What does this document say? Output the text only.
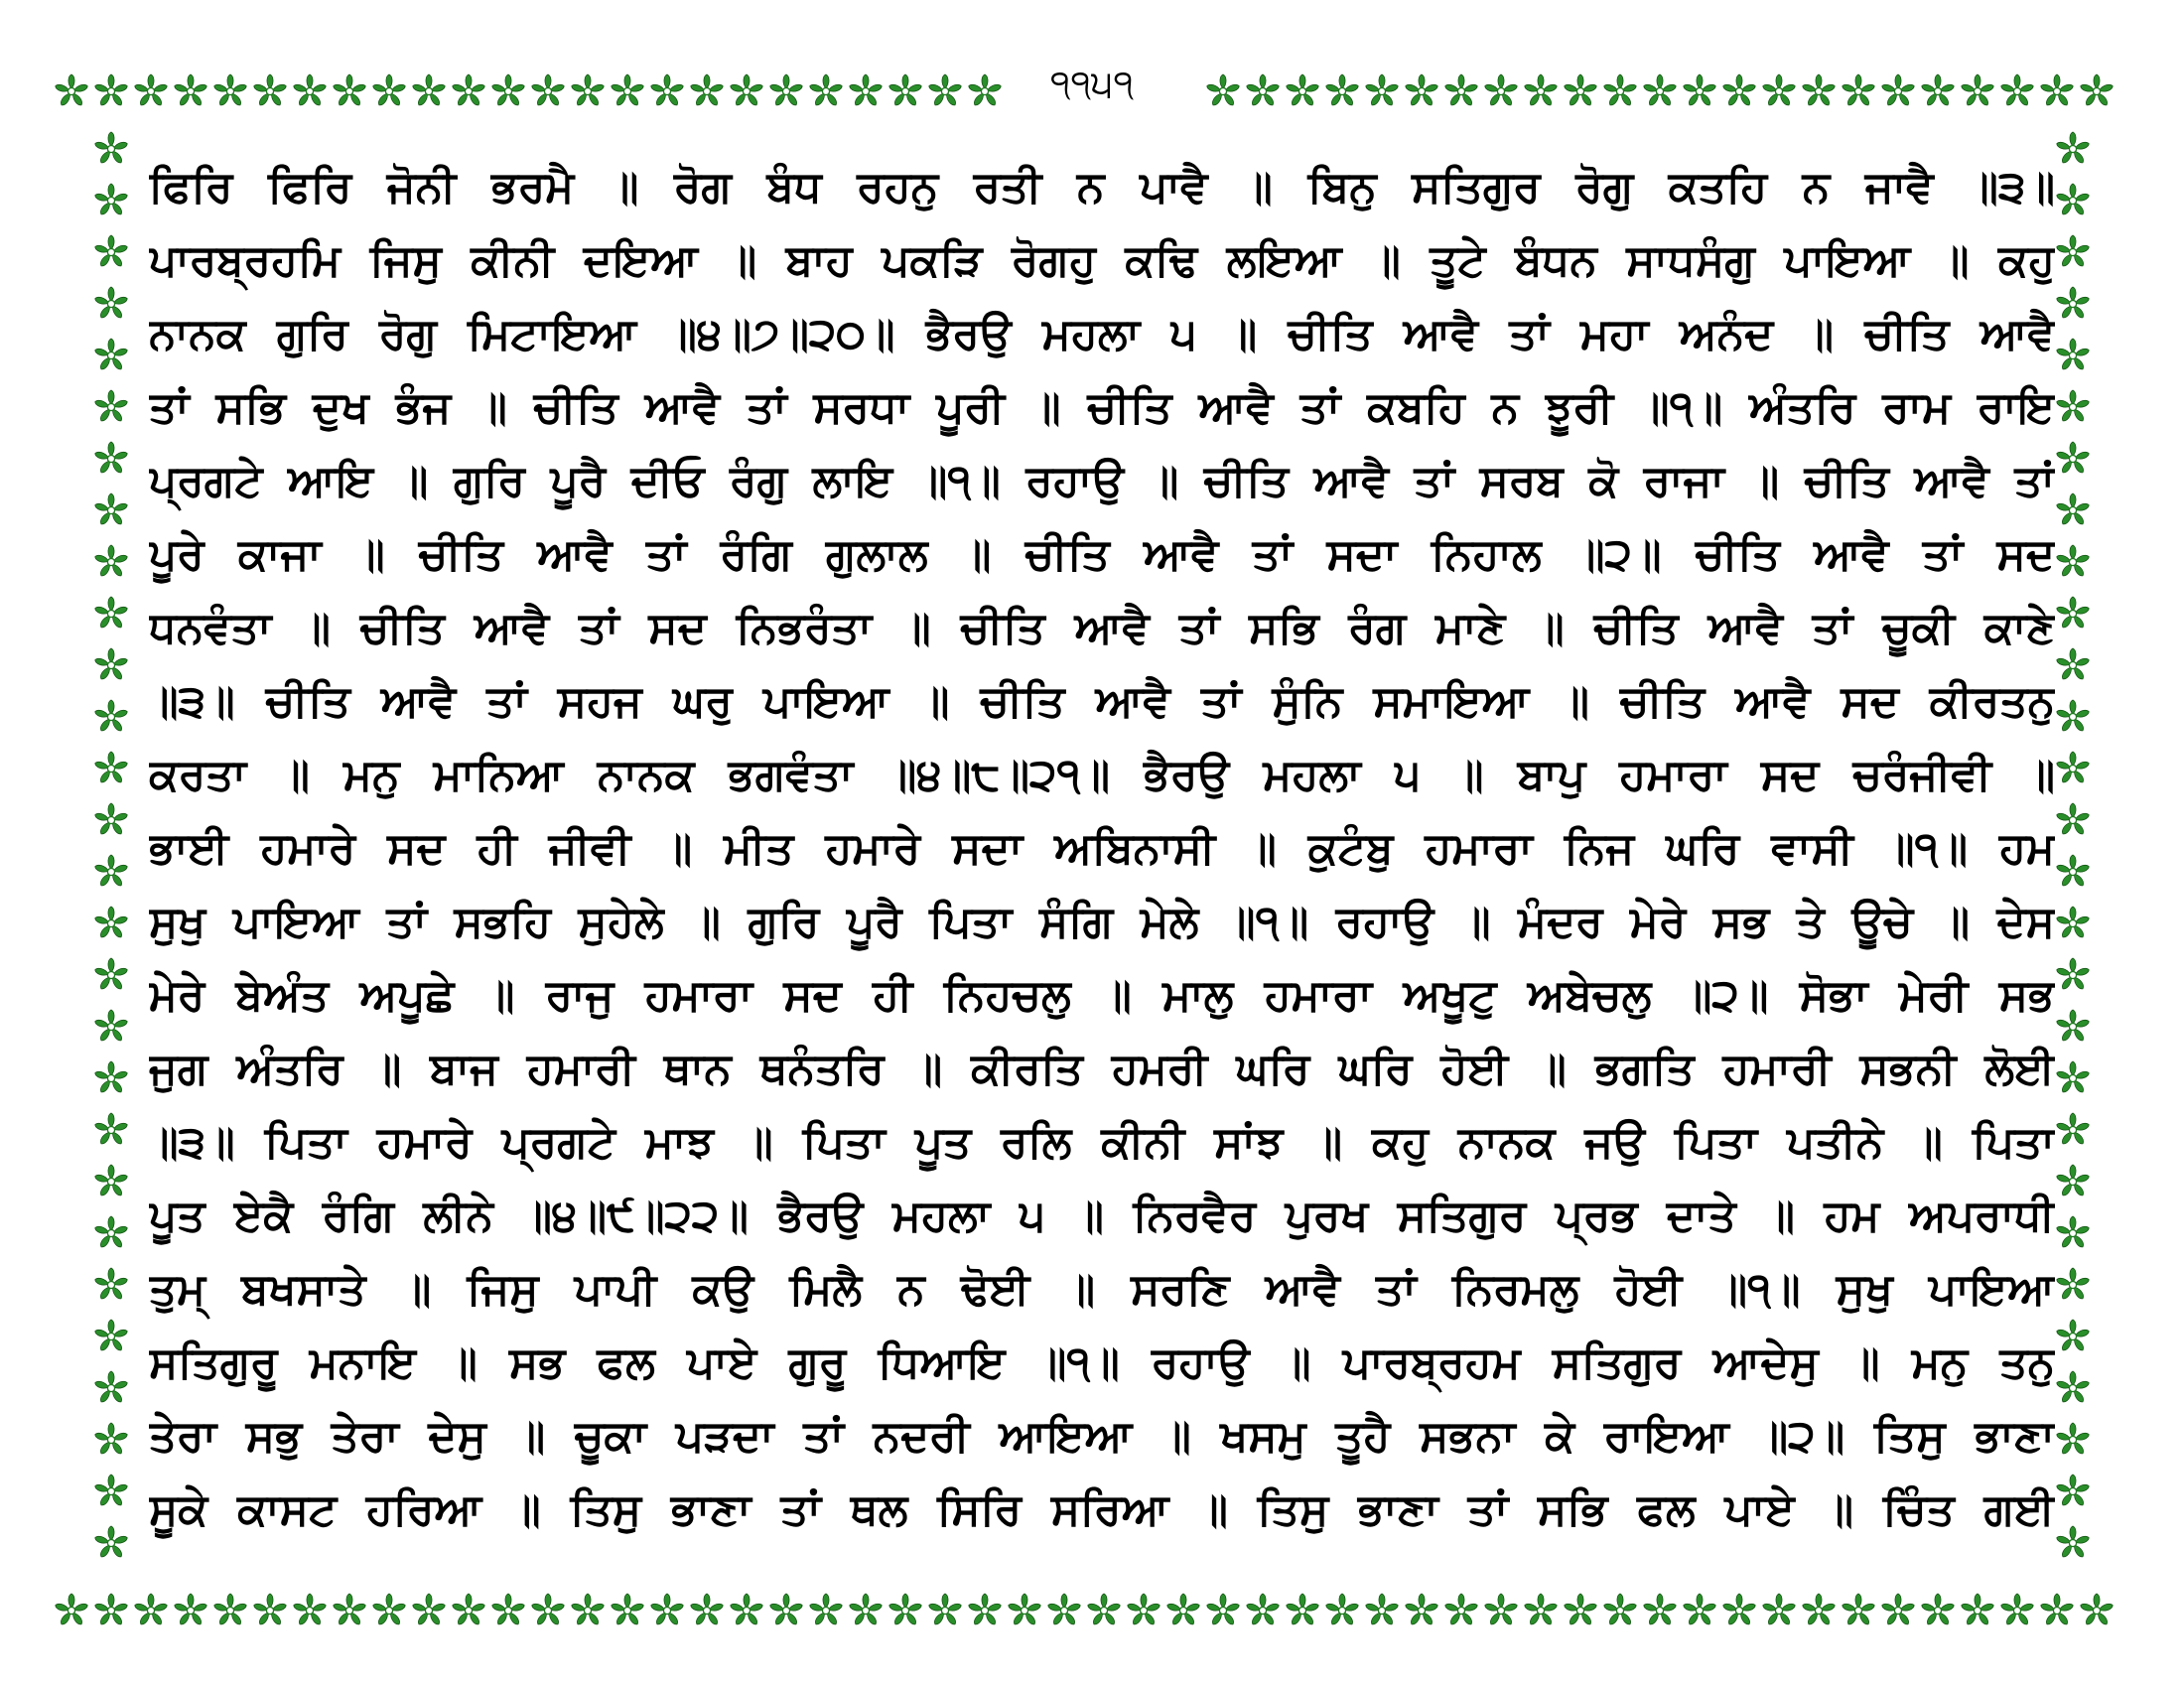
੧੧੫੧
ਫਿਰਿ ਫਿਰਿ ਜੋਨੀ ਭਰਮੈ ॥ ਰੋਗ ਬੰਧ ਰਹਨੁ ਰਤੀ ਨ ਪਾਵੈ ॥ ਬਿਨੁ ਸਤਿਗੁਰ ਰੋਗੁ ਕਤਹਿ ਨ ਜਾਵੈ ॥੩॥
ਪਾਰਬ੍ਰਹਮਿ ਜਿਸੁ ਕੀਨੀ ਦਇਆ ॥ ਬਾਹ ਪਕੜਿ ਰੋਗਹੁ ਕਢਿ ਲਇਆ ॥ ਤੂਟੇ ਬੰਧਨ ਸਾਧਸੰਗੁ ਪਾਇਆ ॥ ਕਹੁ
ਨਾਨਕ ਗੁਰਿ ਰੋਗੁ ਮਿਟਾਇਆ ॥੪॥੭॥੨੦॥ ਭੈਰਉ ਮਹਲਾ ੫ ॥ ਚੀਤਿ ਆਵੈ ਤਾਂ ਮਹਾ ਅਨੰਦ ॥ ਚੀਤਿ ਆਵੈ
ਤਾਂ ਸਭਿ ਦੁਖ ਭੰਜ ॥ ਚੀਤਿ ਆਵੈ ਤਾਂ ਸਰਧਾ ਪੂਰੀ ॥ ਚੀਤਿ ਆਵੈ ਤਾਂ ਕਬਹਿ ਨ ਝੂਰੀ ॥੧॥ ਅੰਤਰਿ ਰਾਮ ਰਾਇ
ਪ੍ਰਗਟੇ ਆਇ ॥ ਗੁਰਿ ਪੂਰੈ ਦੀਓ ਰੰਗੁ ਲਾਇ ॥੧॥ ਰਹਾਉ ॥ ਚੀਤਿ ਆਵੈ ਤਾਂ ਸਰਬ ਕੋ ਰਾਜਾ ॥ ਚੀਤਿ ਆਵੈ ਤਾਂ
ਪੂਰੇ ਕਾਜਾ ॥ ਚੀਤਿ ਆਵੈ ਤਾਂ ਰੰਗਿ ਗੁਲਾਲ ॥ ਚੀਤਿ ਆਵੈ ਤਾਂ ਸਦਾ ਨਿਹਾਲ ॥੨॥ ਚੀਤਿ ਆਵੈ ਤਾਂ ਸਦ
ਧਨਵੰਤਾ ॥ ਚੀਤਿ ਆਵੈ ਤਾਂ ਸਦ ਨਿਭਰੰਤਾ ॥ ਚੀਤਿ ਆਵੈ ਤਾਂ ਸਭਿ ਰੰਗ ਮਾਣੇ ॥ ਚੀਤਿ ਆਵੈ ਤਾਂ ਚੂਕੀ ਕਾਣੇ
॥੩॥ ਚੀਤਿ ਆਵੈ ਤਾਂ ਸਹਜ ਘਰੁ ਪਾਇਆ ॥ ਚੀਤਿ ਆਵੈ ਤਾਂ ਸੁੰਨਿ ਸਮਾਇਆ ॥ ਚੀਤਿ ਆਵੈ ਸਦ ਕੀਰਤਨੁ
ਕਰਤਾ ॥ ਮਨੁ ਮਾਨਿਆ ਨਾਨਕ ਭਗਵੰਤਾ ॥੪॥੮॥੨੧॥ ਭੈਰਉ ਮਹਲਾ ੫ ॥ ਬਾਪੁ ਹਮਾਰਾ ਸਦ ਚਰੰਜੀਵੀ ॥
ਭਾਈ ਹਮਾਰੇ ਸਦ ਹੀ ਜੀਵੀ ॥ ਮੀਤ ਹਮਾਰੇ ਸਦਾ ਅਬਿਨਾਸੀ ॥ ਕੁਟੰਬੁ ਹਮਾਰਾ ਨਿਜ ਘਰਿ ਵਾਸੀ ॥੧॥ ਹਮ
ਸੁਖੁ ਪਾਇਆ ਤਾਂ ਸਭਹਿ ਸੁਹੇਲੇ ॥ ਗੁਰਿ ਪੂਰੈ ਪਿਤਾ ਸੰਗਿ ਮੇਲੇ ॥੧॥ ਰਹਾਉ ॥ ਮੰਦਰ ਮੇਰੇ ਸਭ ਤੇ ਊਚੇ ॥ ਦੇਸ
ਮੇਰੇ ਬੇਅੰਤ ਅਪੂਛੇ ॥ ਰਾਜੁ ਹਮਾਰਾ ਸਦ ਹੀ ਨਿਹਚਲੁ ॥ ਮਾਲੁ ਹਮਾਰਾ ਅਖੂਟੁ ਅਬੇਚਲੁ ॥੨॥ ਸੋਭਾ ਮੇਰੀ ਸਭ
ਜੁਗ ਅੰਤਰਿ ॥ ਬਾਜ ਹਮਾਰੀ ਥਾਨ ਥਨੰਤਰਿ ॥ ਕੀਰਤਿ ਹਮਰੀ ਘਰਿ ਘਰਿ ਹੋਈ ॥ ਭਗਤਿ ਹਮਾਰੀ ਸਭਨੀ ਲੋਈ
॥੩॥ ਪਿਤਾ ਹਮਾਰੇ ਪ੍ਰਗਟੇ ਮਾਝ ॥ ਪਿਤਾ ਪੂਤ ਰਲਿ ਕੀਨੀ ਸਾਂਝ ॥ ਕਹੁ ਨਾਨਕ ਜਉ ਪਿਤਾ ਪਤੀਨੇ ॥ ਪਿਤਾ
ਪੂਤ ਏਕੈ ਰੰਗਿ ਲੀਨੇ ॥੪॥੯॥੨੨॥ ਭੈਰਉ ਮਹਲਾ ੫ ॥ ਨਿਰਵੈਰ ਪੁਰਖ ਸਤਿਗੁਰ ਪ੍ਰਭ ਦਾਤੇ ॥ ਹਮ ਅਪਰਾਧੀ
ਤੁਮ੍ ਬਖਸਾਤੇ ॥ ਜਿਸੁ ਪਾਪੀ ਕਉ ਮਿਲੈ ਨ ਢੋਈ ॥ ਸਰਣਿ ਆਵੈ ਤਾਂ ਨਿਰਮਲੁ ਹੋਈ ॥੧॥ ਸੁਖੁ ਪਾਇਆ
ਸਤਿਗੁਰੂ ਮਨਾਇ ॥ ਸਭ ਫਲ ਪਾਏ ਗੁਰੂ ਧਿਆਇ ॥੧॥ ਰਹਾਉ ॥ ਪਾਰਬ੍ਰਹਮ ਸਤਿਗੁਰ ਆਦੇਸੁ ॥ ਮਨੁ ਤਨੁ
ਤੇਰਾ ਸਭੁ ਤੇਰਾ ਦੇਸੁ ॥ ਚੂਕਾ ਪੜਦਾ ਤਾਂ ਨਦਰੀ ਆਇਆ ॥ ਖਸਮੁ ਤੂਹੈ ਸਭਨਾ ਕੇ ਰਾਇਆ ॥੨॥ ਤਿਸੁ ਭਾਣਾ
ਸੂਕੇ ਕਾਸਟ ਹਰਿਆ ॥ ਤਿਸੁ ਭਾਣਾ ਤਾਂ ਥਲ ਸਿਰਿ ਸਰਿਆ ॥ ਤਿਸੁ ਭਾਣਾ ਤਾਂ ਸਭਿ ਫਲ ਪਾਏ ॥ ਚਿੰਤ ਗਈ
